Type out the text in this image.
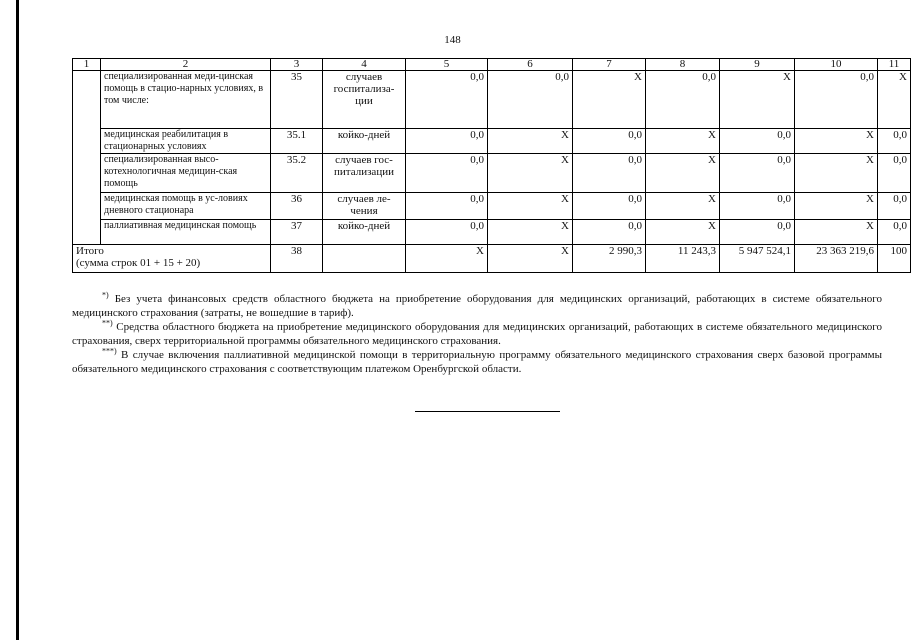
148
1	2	3	4	5	6	7	8	9	10	11
	специализированная меди-цинская помощь в стацио-нарных условиях, в том числе:	35	случаев госпитализа-ции	0,0	0,0	Х	0,0	Х	0,0	Х
	медицинская реабилитация в стационарных условиях	35.1	койко-дней	0,0	Х	0,0	Х	0,0	Х	0,0
	специализированная высо-котехнологичная медицин-ская помощь	35.2	случаев гос-питализации	0,0	Х	0,0	Х	0,0	Х	0,0
	медицинская помощь в ус-ловиях дневного стационара	36	случаев ле-чения	0,0	Х	0,0	Х	0,0	Х	0,0
	паллиативная медицинская помощь	37	койко-дней	0,0	Х	0,0	Х	0,0	Х	0,0

Итого
(сумма строк 01 + 15 + 20)		38		Х	Х	2 990,3	11 243,3	5 947 524,1	23 363 219,6	100

*) Без учета финансовых средств областного бюджета на приобретение оборудования для медицинских организаций, работающих в системе обязательного медицинского страхования (затраты, не вошедшие в тариф).

**) Средства областного бюджета на приобретение медицинского оборудования для медицинских организаций, работающих в системе обязательного медицинского страхования, сверх территориальной программы обязательного медицинского страхования.

***) В случае включения паллиативной медицинской помощи в территориальную программу обязательного медицинского страхования сверх базовой программы обязательного медицинского страхования с соответствующим платежом Оренбургской области.
